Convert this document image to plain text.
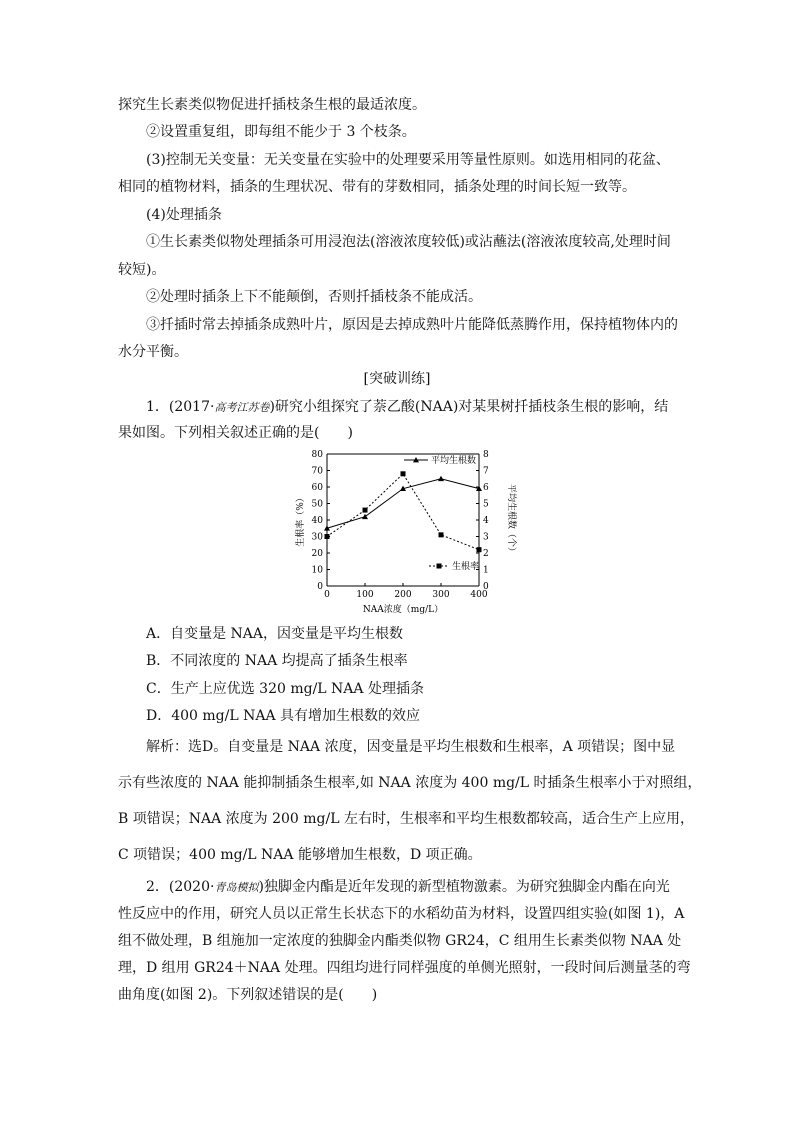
探究生长素类似物促进扦插枝条生根的最适浓度。
②设置重复组，即每组不能少于 3 个枝条。
(3)控制无关变量：无关变量在实验中的处理要采用等量性原则。如选用相同的花盆、
相同的植物材料，插条的生理状况、带有的芽数相同，插条处理的时间长短一致等。
(4)处理插条
①生长素类似物处理插条可用浸泡法(溶液浓度较低)或沾蘸法(溶液浓度较高,处理时间
较短)。
②处理时插条上下不能颠倒，否则扦插枝条不能成活。
③扦插时常去掉插条成熟叶片，原因是去掉成熟叶片能降低蒸腾作用，保持植物体内的
水分平衡。
[突破训练]
1．(2017·高考江苏卷)研究小组探究了萘乙酸(NAA)对某果树扦插枝条生根的影响，结
果如图。下列相关叙述正确的是(　　)
0
10
20
30
40
50
60
70
80
0
1
2
3
4
5
6
7
8
0	100 200 300 400
生根率（%）	平均生根数（个）
NAA浓度（mg/L）
平均生根数
生根率
A．自变量是 NAA，因变量是平均生根数
B．不同浓度的 NAA 均提高了插条生根率
C．生产上应优选 320 mg/L NAA 处理插条
D．400 mg/L NAA 具有增加生根数的效应
解析：选D。自变量是 NAA 浓度，因变量是平均生根数和生根率，A 项错误；图中显
示有些浓度的 NAA 能抑制插条生根率,如 NAA 浓度为 400 mg/L 时插条生根率小于对照组，
B 项错误；NAA 浓度为 200 mg/L 左右时，生根率和平均生根数都较高，适合生产上应用，
C 项错误；400 mg/L NAA 能够增加生根数，D 项正确。
2．(2020·青岛模拟)独脚金内酯是近年发现的新型植物激素。为研究独脚金内酯在向光
性反应中的作用，研究人员以正常生长状态下的水稻幼苗为材料，设置四组实验(如图 1)，A
组不做处理，B 组施加一定浓度的独脚金内酯类似物 GR24，C 组用生长素类似物 NAA 处
理，D 组用 GR24＋NAA 处理。四组均进行同样强度的单侧光照射，一段时间后测量茎的弯
曲角度(如图 2)。下列叙述错误的是(　　)
